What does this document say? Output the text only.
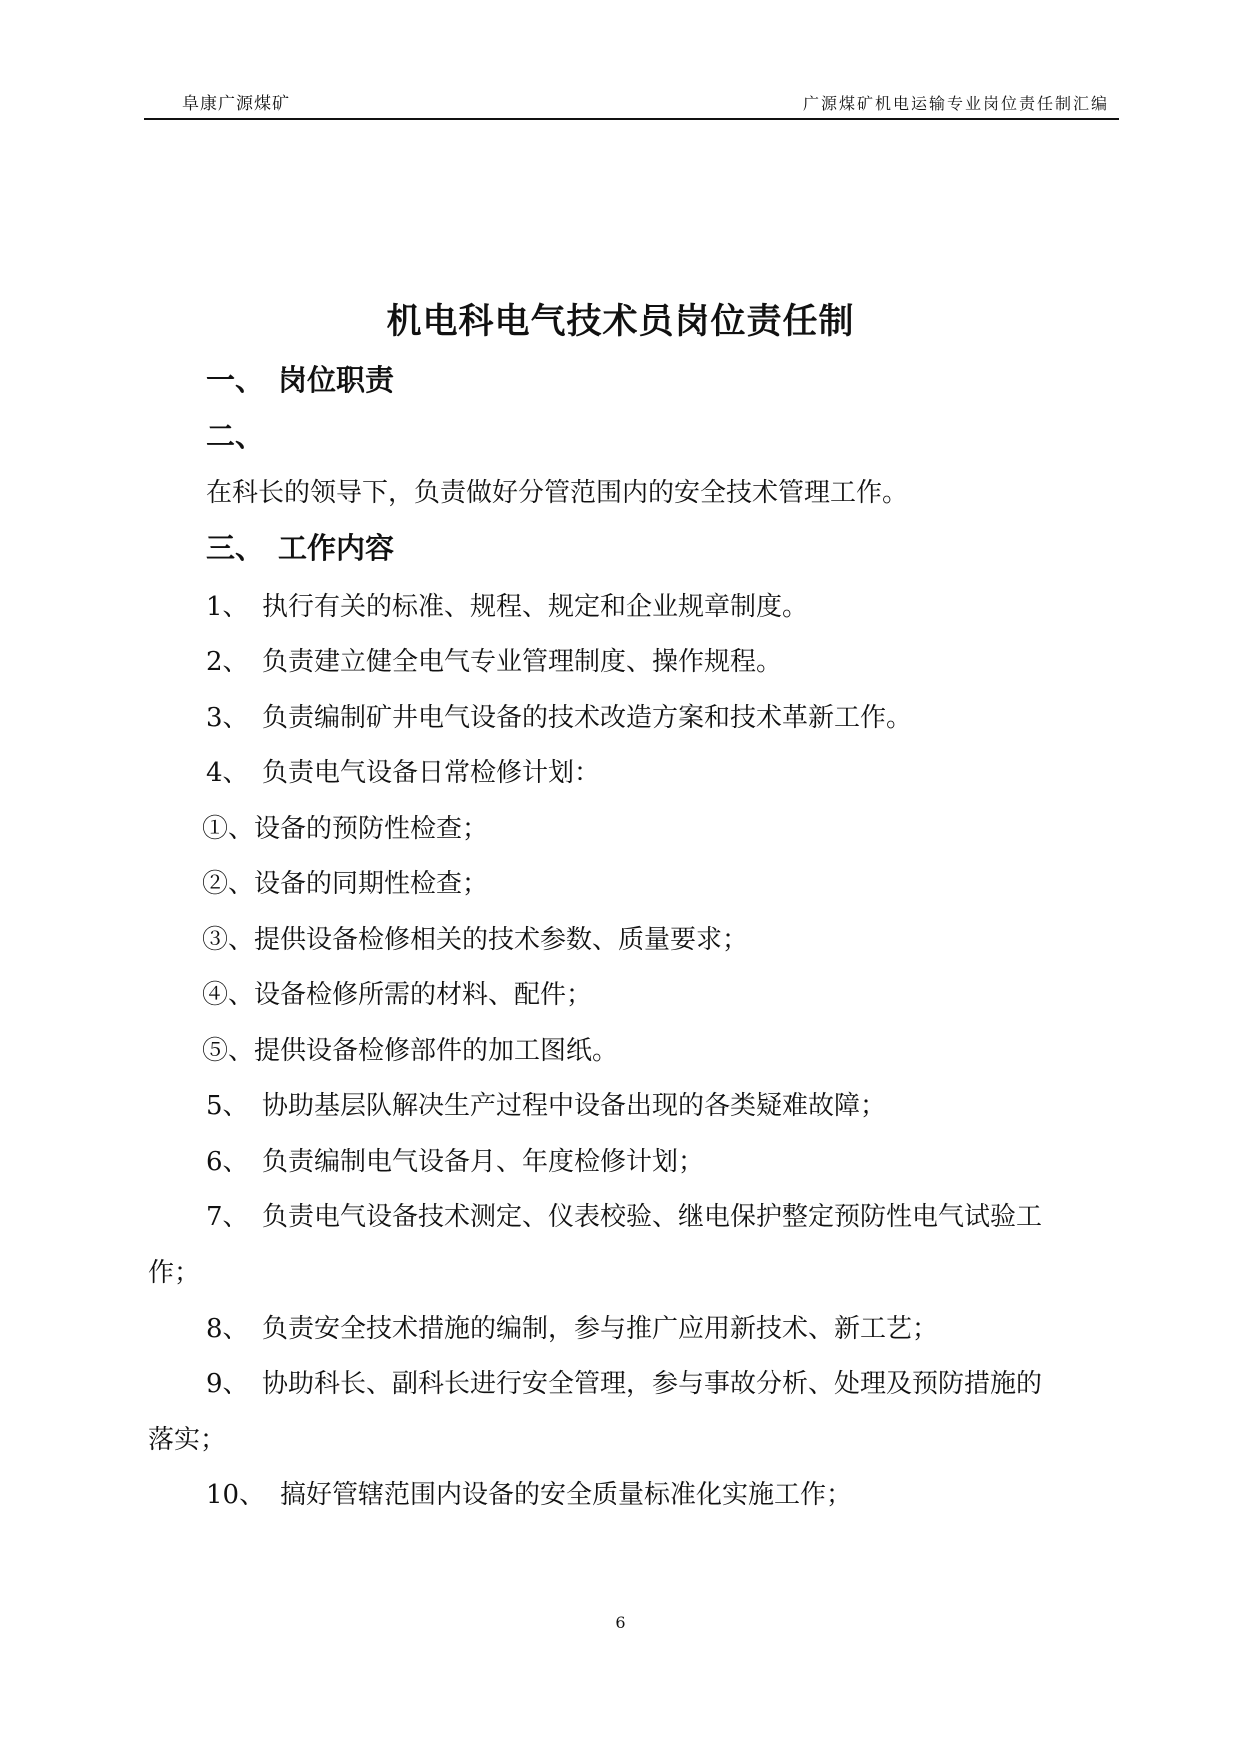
阜康广源煤矿	广源煤矿机电运输专业岗位责任制汇编
机电科电气技术员岗位责任制
一、 岗位职责
二、
在科长的领导下，负责做好分管范围内的安全技术管理工作。
三、 工作内容
1、 执行有关的标准、规程、规定和企业规章制度。
2、 负责建立健全电气专业管理制度、操作规程。
3、 负责编制矿井电气设备的技术改造方案和技术革新工作。
4、 负责电气设备日常检修计划：
①、设备的预防性检查；
②、设备的同期性检查；
③、提供设备检修相关的技术参数、质量要求；
④、设备检修所需的材料、配件；
⑤、提供设备检修部件的加工图纸。
5、 协助基层队解决生产过程中设备出现的各类疑难故障；
6、 负责编制电气设备月、年度检修计划；
7、 负责电气设备技术测定、仪表校验、继电保护整定预防性电气试验工
作；
8、 负责安全技术措施的编制，参与推广应用新技术、新工艺；
9、 协助科长、副科长进行安全管理，参与事故分析、处理及预防措施的
落实；
10、 搞好管辖范围内设备的安全质量标准化实施工作；
6
